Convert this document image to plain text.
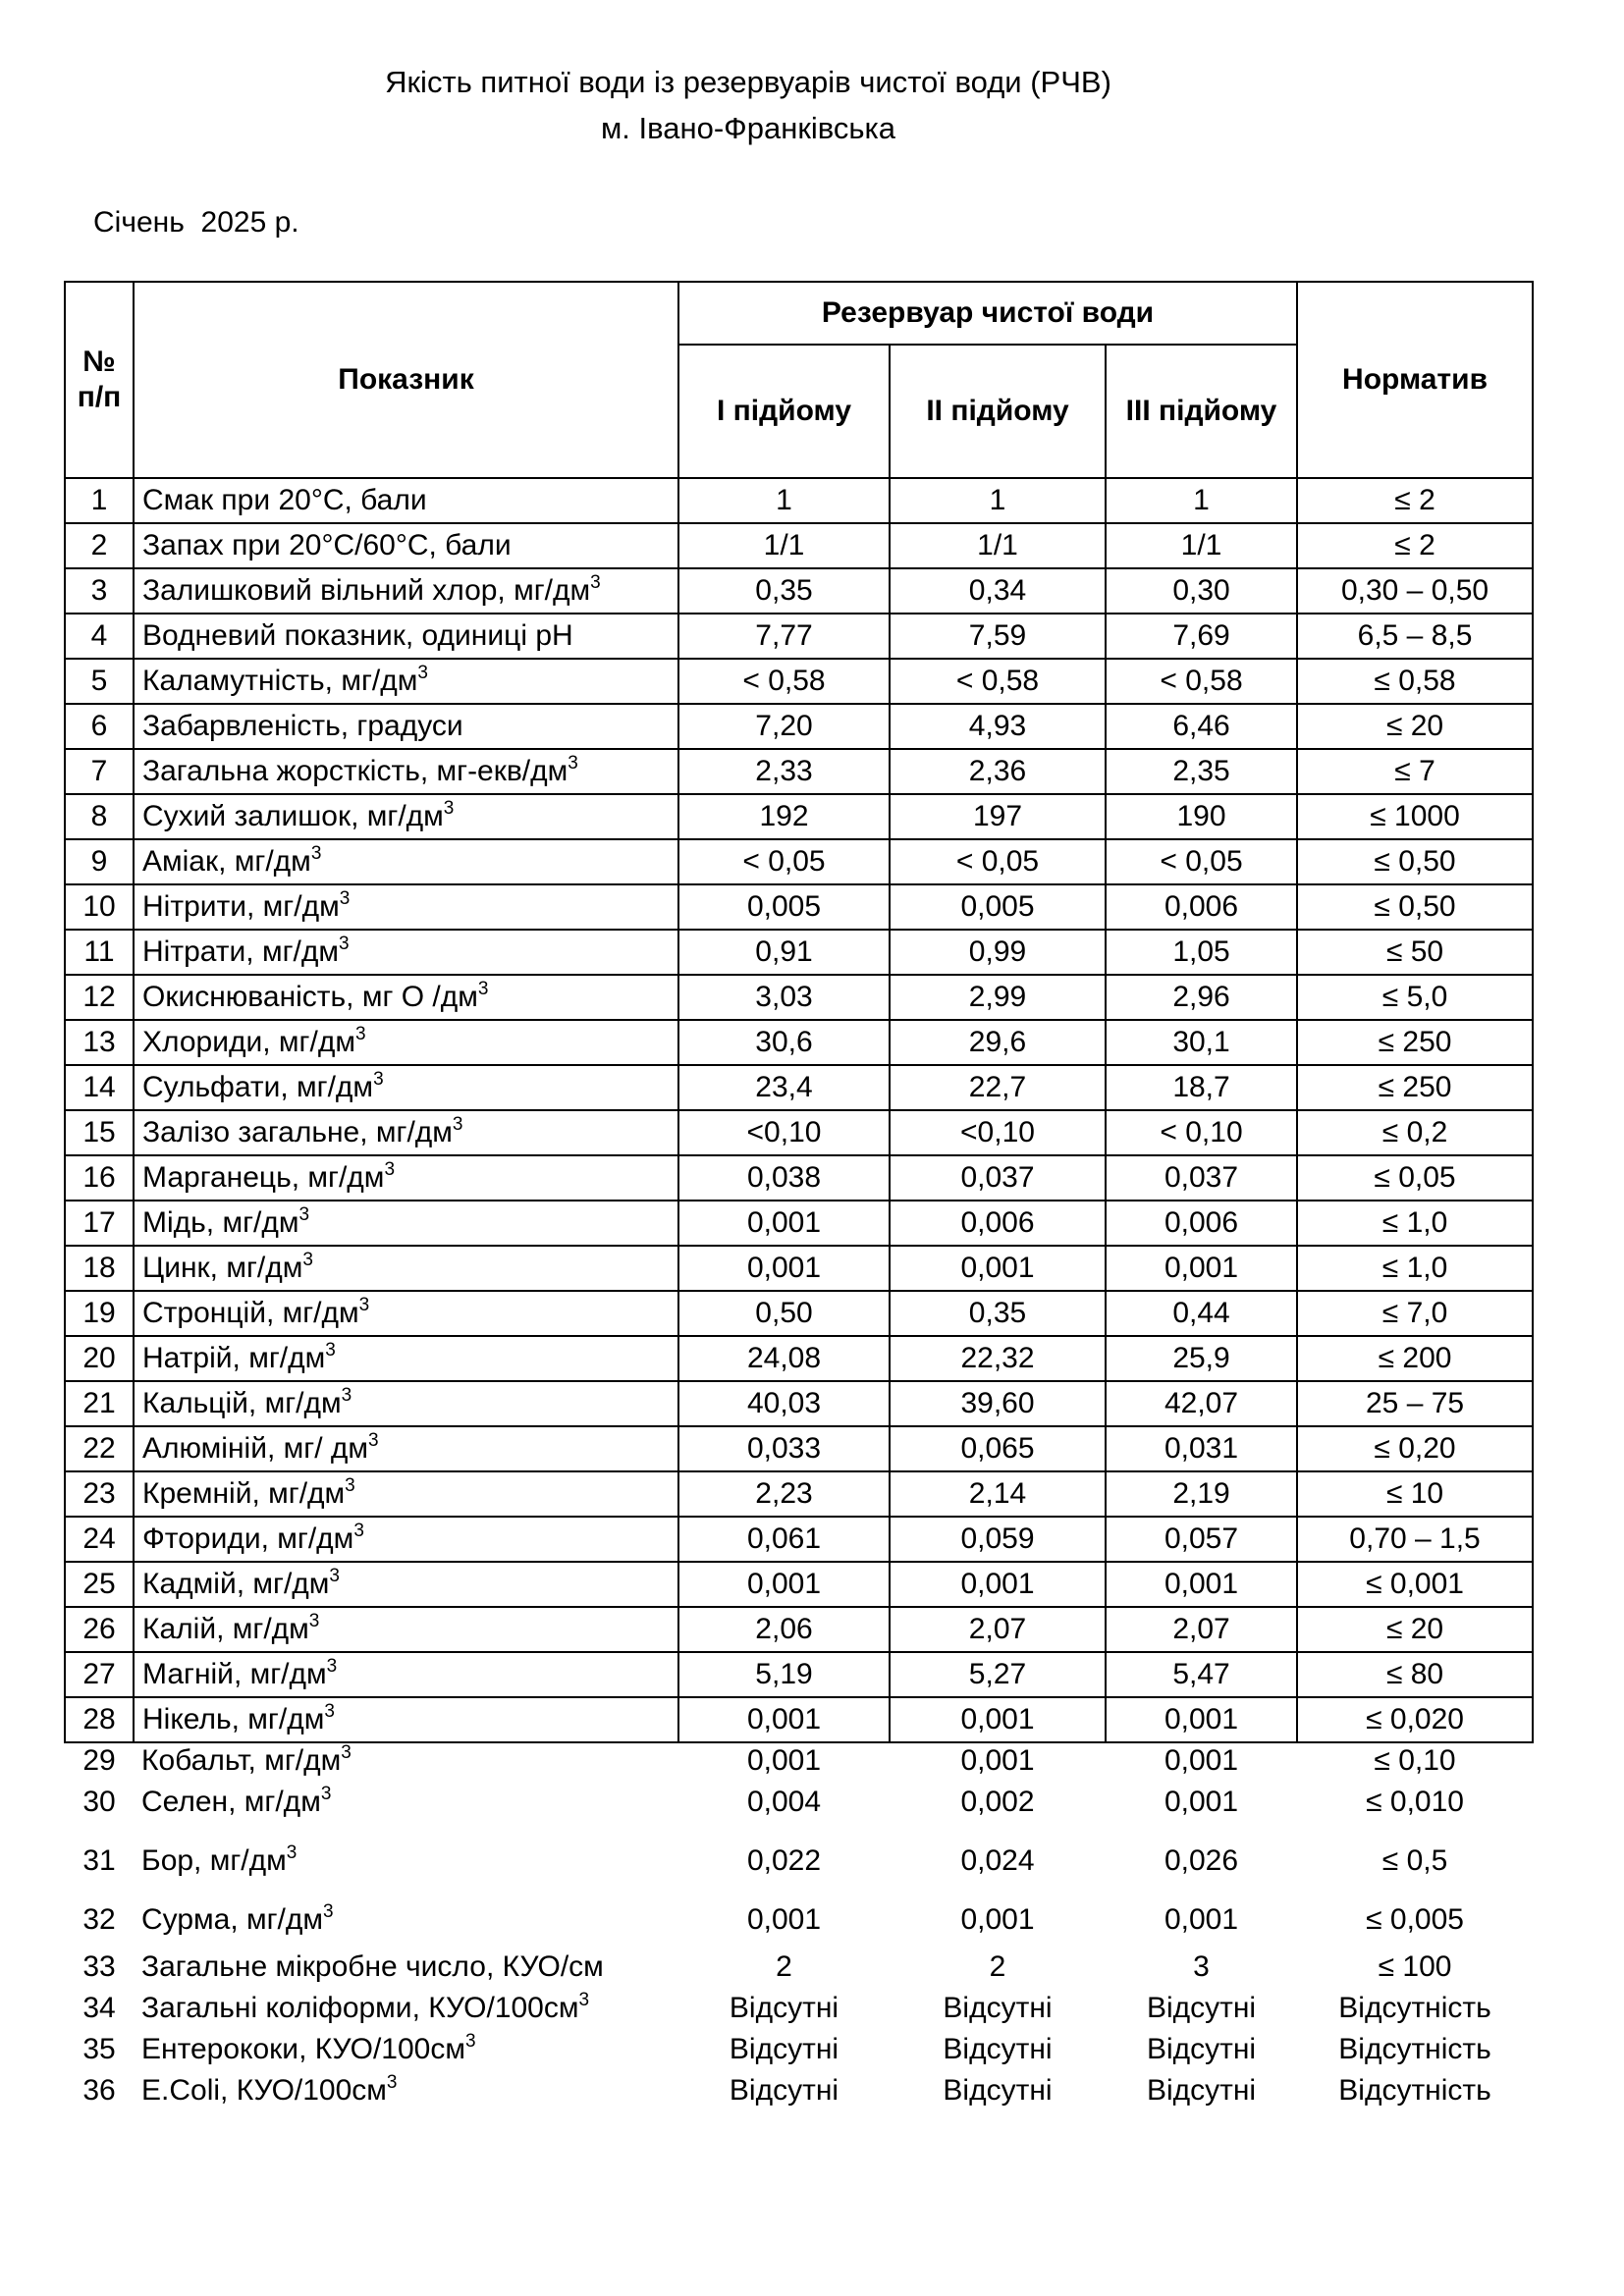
Якість питної води із резервуарів чистої води (РЧВ)
м. Івано-Франківська
Січень  2025 р.
№
п/п	Показник	Резервуар чистої води			Норматив
		І підйому	ІІ підйому	ІІІ підйому	
1	Смак при 20°С, бали	1	1	1	≤ 2
2	Запах при 20°С/60°С, бали	1/1	1/1	1/1	≤ 2
3	Залишковий вільний хлор, $мг/дм^3$	0,35	0,34	0,30	0,30 – 0,50
4	Водневий показник, одиниці рН	7,77	7,59	7,69	6,5 – 8,5
5	Каламутність, $мг/дм^3$	< 0,58	< 0,58	< 0,58	≤ 0,58
6	Забарвленість, градуси	7,20	4,93	6,46	≤ 20
7	Загальна жорсткість, $мг-екв/дм^3$	2,33	2,36	2,35	≤ 7
8	Сухий залишок, $мг/дм^3$	192	197	190	≤ 1000
9	Аміак, $мг/дм^3$	< 0,05	< 0,05	< 0,05	≤ 0,50
10	Нітрити, $мг/дм^3$	0,005	0,005	0,006	≤ 0,50
11	Нітрати, $мг/дм^3$	0,91	0,99	1,05	≤ 50
12	Окиснюваність, мг О $/дм^3$	3,03	2,99	2,96	≤ 5,0
13	Хлориди, $мг/дм^3$	30,6	29,6	30,1	≤ 250
14	Сульфати, $мг/дм^3$	23,4	22,7	18,7	≤ 250
15	Залізо загальне, $мг/дм^3$	<0,10	<0,10	< 0,10	≤ 0,2
16	Марганець, $мг/дм^3$	0,038	0,037	0,037	≤ 0,05
17	Мідь, $мг/дм^3$	0,001	0,006	0,006	≤ 1,0
18	Цинк, $мг/дм^3$	0,001	0,001	0,001	≤ 1,0
19	Стронцій, $мг/дм^3$	0,50	0,35	0,44	≤ 7,0
20	Натрій, $мг/дм^3$	24,08	22,32	25,9	≤ 200
21	Кальцій, $мг/дм^3$	40,03	39,60	42,07	25 – 75
22	Алюміній, мг/ $дм^3$	0,033	0,065	0,031	≤ 0,20
23	Кремній, $мг/дм^3$	2,23	2,14	2,19	≤ 10
24	Фториди, $мг/дм^3$	0,061	0,059	0,057	0,70 – 1,5
25	Кадмій, $мг/дм^3$	0,001	0,001	0,001	≤ 0,001
26	Калій, $мг/дм^3$	2,06	2,07	2,07	≤ 20
27	Магній, $мг/дм^3$	5,19	5,27	5,47	≤ 80
28	Нікель, $мг/дм^3$	0,001	0,001	0,001	≤ 0,020
29	Кобальт, $мг/дм^3$	0,001	0,001	0,001	≤ 0,10
30	Селен, $мг/дм^3$	0,004	0,002	0,001	≤ 0,010
31	Бор, $мг/дм^3$	0,022	0,024	0,026	≤ 0,5
32	Сурма, $мг/дм^3$	0,001	0,001	0,001	≤ 0,005
33	Загальне мікробне число, КУО/см	2	2	3	≤ 100
34	Загальні коліформи, КУО/$100см^3$	Відсутні	Відсутні	Відсутні	Відсутність
35	Ентерококи, КУО/$100см^3$	Відсутні	Відсутні	Відсутні	Відсутність
36	E.Coli, КУО/$100см^3$	Відсутні	Відсутні	Відсутні	Відсутність
